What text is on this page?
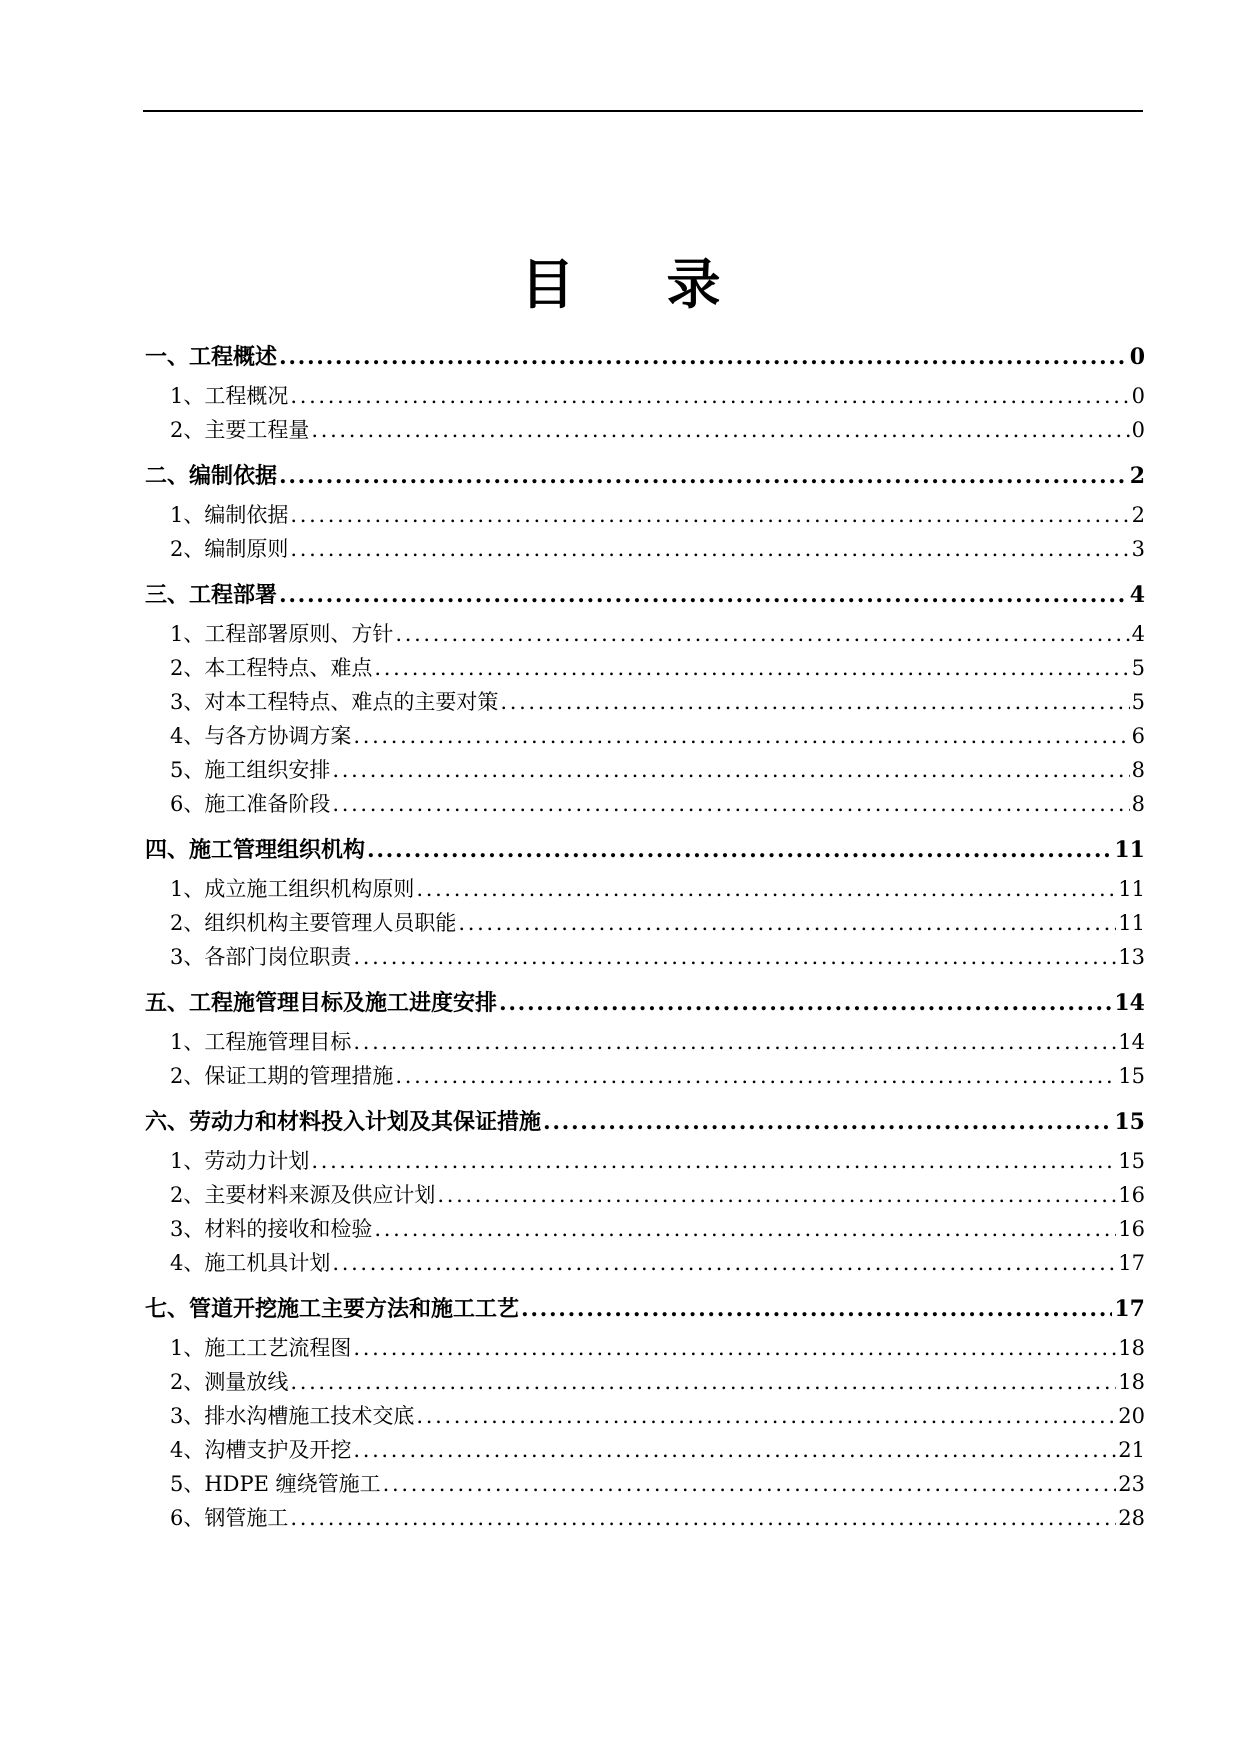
目 录
一、工程概述 . . .	0
1、工程概况 . . .	0
2、主要工程量 . . .	0
二、编制依据 . . .	2
1、编制依据 . . .	2
2、编制原则 . . .	3
三、工程部署 . . .	4
1、工程部署原则、方针 . . .	4
2、本工程特点、难点 . . .	5
3、对本工程特点、难点的主要对策 . . .	5
4、与各方协调方案 . . .	6
5、施工组织安排 . . .	8
6、施工准备阶段 . . .	8
四、施工管理组织机构 . . .	11
1、成立施工组织机构原则 . . .	11
2、组织机构主要管理人员职能 . . .	11
3、各部门岗位职责 . . .	13
五、工程施管理目标及施工进度安排 . . .	14
1、工程施管理目标 . . .	14
2、保证工期的管理措施 . . .	15
六、劳动力和材料投入计划及其保证措施 . . .	15
1、劳动力计划 . . .	15
2、主要材料来源及供应计划 . . .	16
3、材料的接收和检验 . . .	16
4、施工机具计划 . . .	17
七、管道开挖施工主要方法和施工工艺 . . .	17
1、施工工艺流程图 . . .	18
2、测量放线 . . .	18
3、排水沟槽施工技术交底 . . .	20
4、沟槽支护及开挖 . . .	21
5、HDPE 缠绕管施工 . . .	23
6、钢管施工 . . .	28
